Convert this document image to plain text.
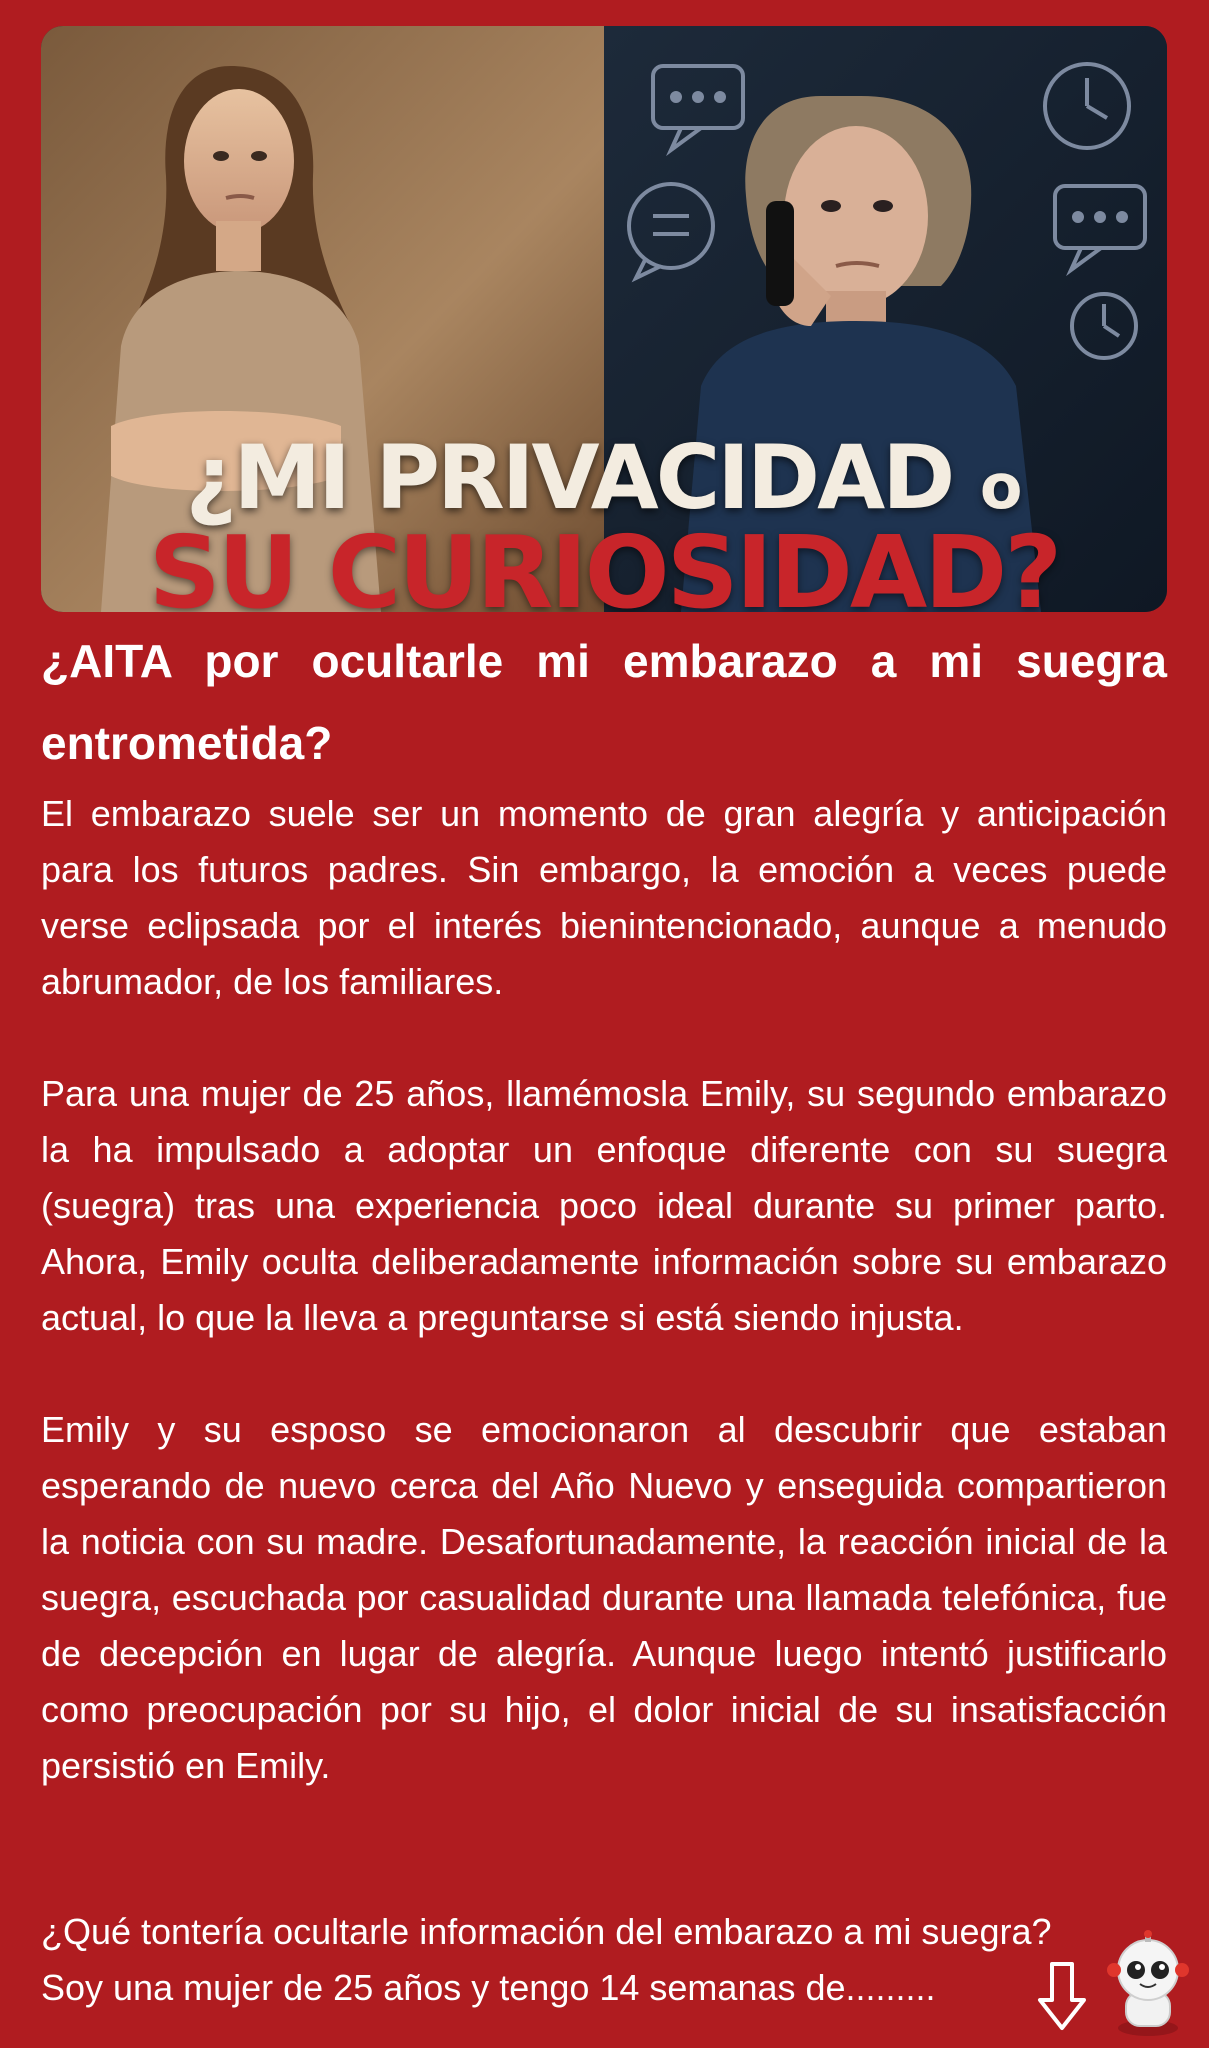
¿MI PRIVACIDAD o
SU CURIOSIDAD?
¿AITA por ocultarle mi embarazo a mi suegra entrometida?

El embarazo suele ser un momento de gran alegría y anticipación para los futuros padres. Sin embargo, la emoción a veces puede verse eclipsada por el interés bienintencionado, aunque a menudo abrumador, de los familiares.

Para una mujer de 25 años, llamémosla Emily, su segundo embarazo la ha impulsado a adoptar un enfoque diferente con su suegra (suegra) tras una experiencia poco ideal durante su primer parto. Ahora, Emily oculta deliberadamente información sobre su embarazo actual, lo que la lleva a preguntarse si está siendo injusta.

Emily y su esposo se emocionaron al descubrir que estaban esperando de nuevo cerca del Año Nuevo y enseguida compartieron la noticia con su madre. Desafortunadamente, la reacción inicial de la suegra, escuchada por casualidad durante una llamada telefónica, fue de decepción en lugar de alegría. Aunque luego intentó justificarlo como preocupación por su hijo, el dolor inicial de su insatisfacción persistió en Emily.

¿Qué tontería ocultarle información del embarazo a mi suegra?
Soy una mujer de 25 años y tengo 14 semanas de.........
